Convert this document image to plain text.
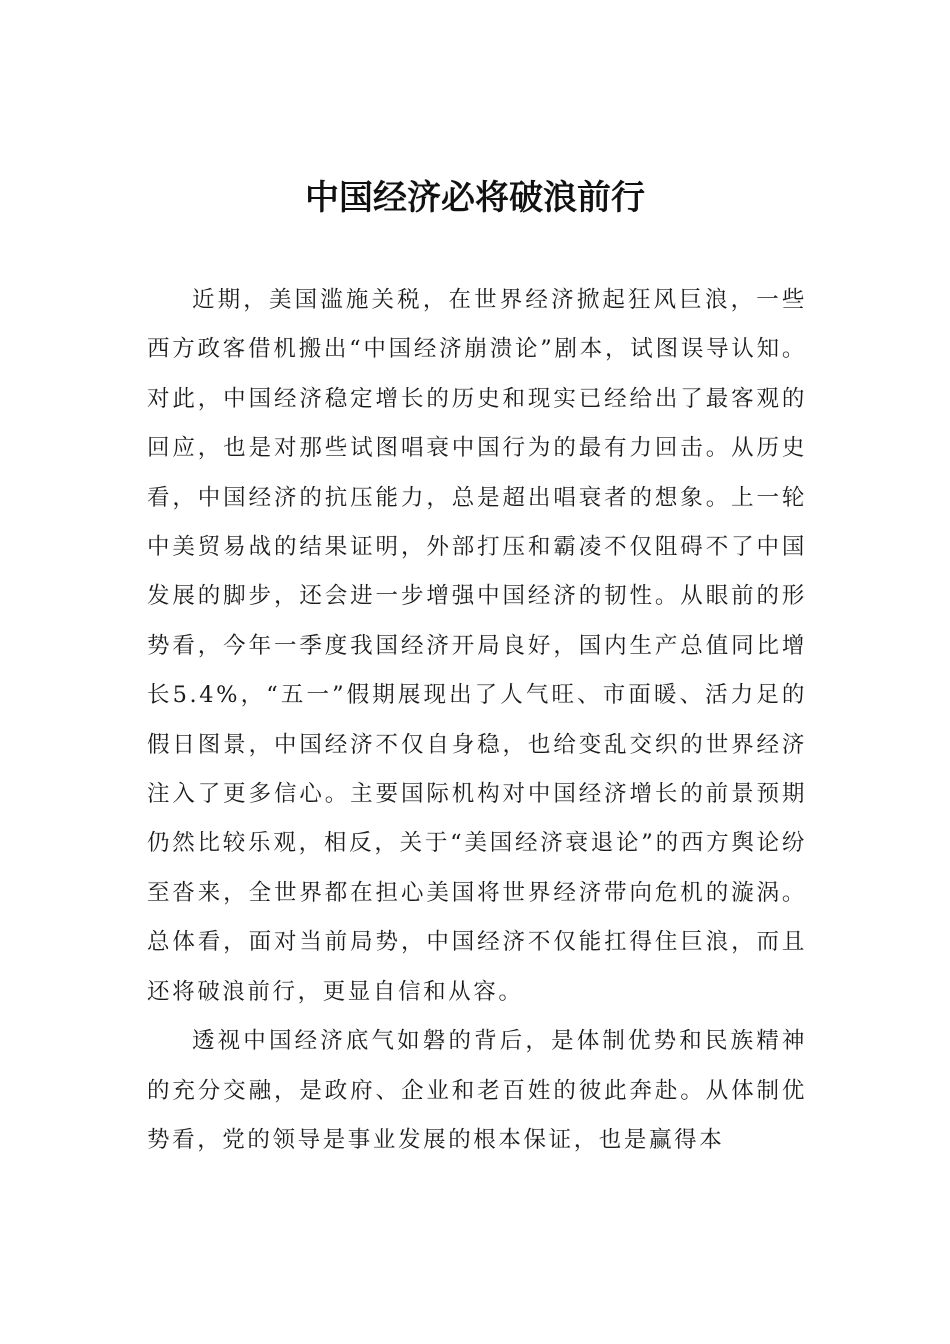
中国经济必将破浪前行

近期，美国滥施关税，在世界经济掀起狂风巨浪，一些西方政客借机搬出“中国经济崩溃论”剧本，试图误导认知。对此，中国经济稳定增长的历史和现实已经给出了最客观的回应，也是对那些试图唱衰中国行为的最有力回击。从历史看，中国经济的抗压能力，总是超出唱衰者的想象。上一轮中美贸易战的结果证明，外部打压和霸凌不仅阻碍不了中国发展的脚步，还会进一步增强中国经济的韧性。从眼前的形势看，今年一季度我国经济开局良好，国内生产总值同比增长5.4%，“五一”假期展现出了人气旺、市面暖、活力足的假日图景，中国经济不仅自身稳，也给变乱交织的世界经济注入了更多信心。主要国际机构对中国经济增长的前景预期仍然比较乐观，相反，关于“美国经济衰退论”的西方舆论纷至沓来，全世界都在担心美国将世界经济带向危机的漩涡。总体看，面对当前局势，中国经济不仅能扛得住巨浪，而且还将破浪前行，更显自信和从容。

透视中国经济底气如磐的背后，是体制优势和民族精神的充分交融，是政府、企业和老百姓的彼此奔赴。从体制优势看，党的领导是事业发展的根本保证，也是赢得本
